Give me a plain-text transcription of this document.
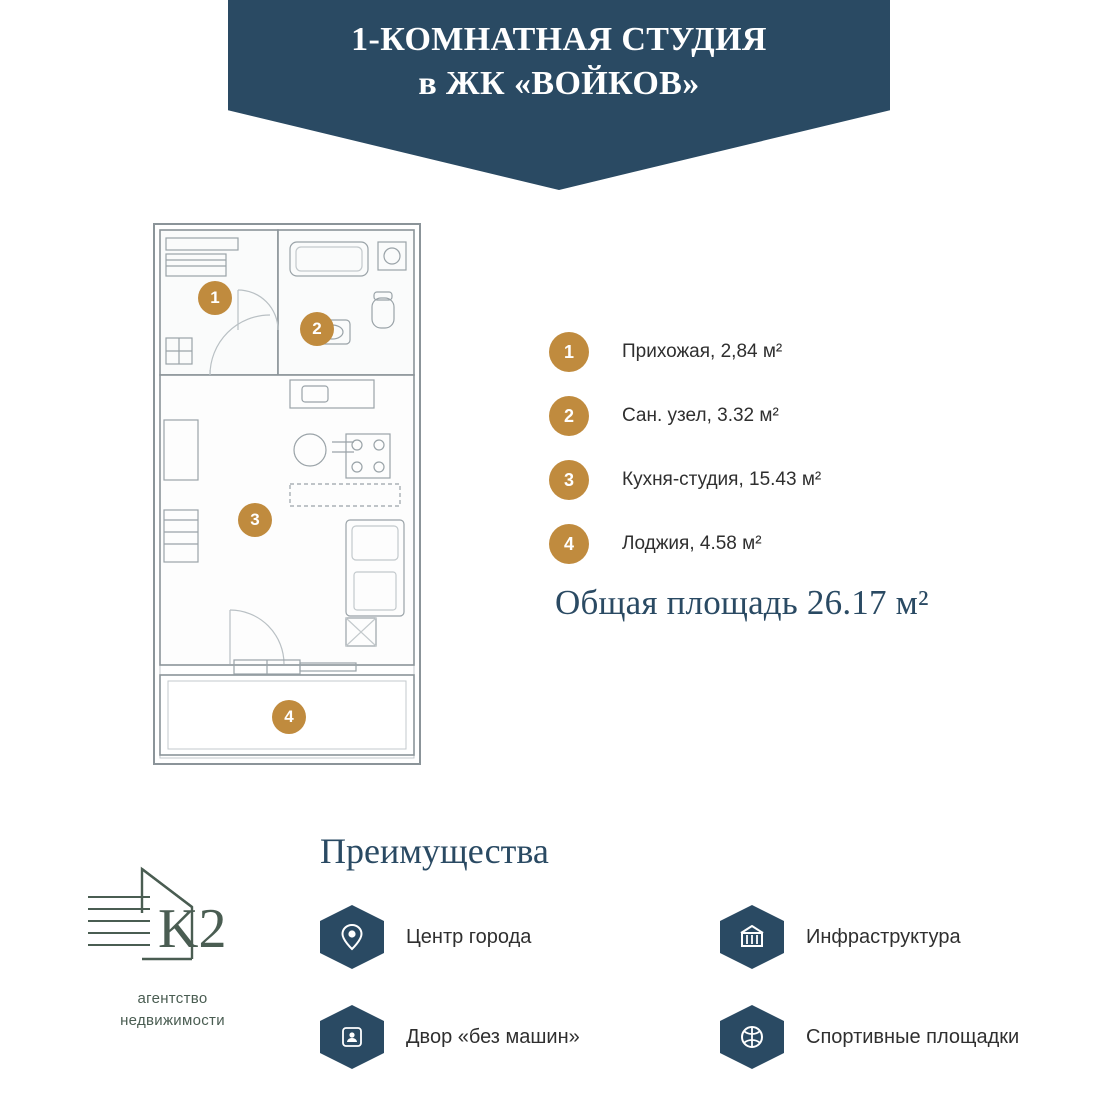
1-КОМНАТНАЯ СТУДИЯ
в ЖК «ВОЙКОВ»
1
2
3
4
1	Прихожая, 2,84 м²
2	Сан. узел, 3.32 м²
3	Кухня-студия, 15.43 м²
4	Лоджия, 4.58 м²
Общая площадь 26.17 м²
Преимущества
Центр города
Двор «без машин»
Инфраструктура
Спортивные площадки
K2
агентство
недвижимости
